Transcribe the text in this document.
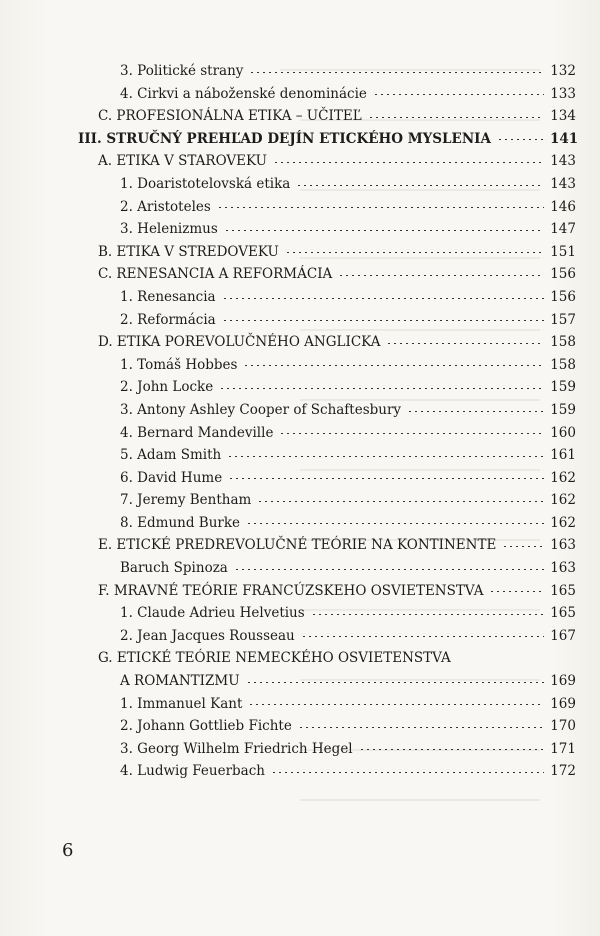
3. Politické strany	132
4. Cirkvi a náboženské denominácie	133
C. PROFESIONÁLNA ETIKA – UČITEĽ	134
III. STRUČNÝ PREHĽAD DEJÍN ETICKÉHO MYSLENIA	141
A. ETIKA V STAROVEKU	143
1. Doaristotelovská etika	143
2. Aristoteles	146
3. Helenizmus	147
B. ETIKA V STREDOVEKU	151
C. RENESANCIA A REFORMÁCIA	156
1. Renesancia	156
2. Reformácia	157
D. ETIKA POREVOLUČNÉHO ANGLICKA	158
1. Tomáš Hobbes	158
2. John Locke	159
3. Antony Ashley Cooper of Schaftesbury	159
4. Bernard Mandeville	160
5. Adam Smith	161
6. David Hume	162
7. Jeremy Bentham	162
8. Edmund Burke	162
E. ETICKÉ PREDREVOLUČNÉ TEÓRIE NA KONTINENTE	163
Baruch Spinoza	163
F. MRAVNÉ TEÓRIE FRANCÚZSKEHO OSVIETENSTVA	165
1. Claude Adrieu Helvetius	165
2. Jean Jacques Rousseau	167
G. ETICKÉ TEÓRIE NEMECKÉHO OSVIETENSTVA
A ROMANTIZMU	169
1. Immanuel Kant	169
2. Johann Gottlieb Fichte	170
3. Georg Wilhelm Friedrich Hegel	171
4. Ludwig Feuerbach	172
6
